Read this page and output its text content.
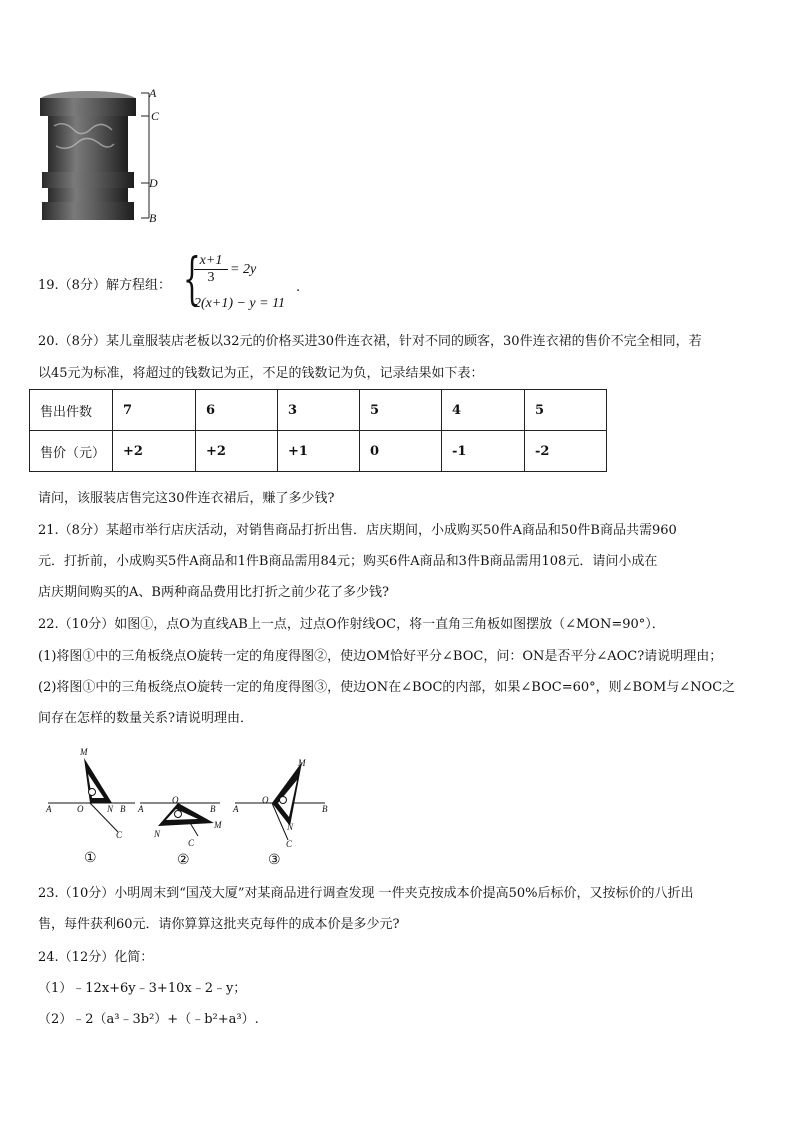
A
C
D
B
19.（8分）解方程组： {
$\frac{x+1}{3} = 2y$
2(x+1) − y = 11
.
20.（8分）某儿童服装店老板以32元的价格买进30件连衣裙，针对不同的顾客，30件连衣裙的售价不完全相同，若
以45元为标准，将超过的钱数记为正，不足的钱数记为负，记录结果如下表：
售出件数	7	6	3	5	4	5
售价（元）	+2	+2	+1	0	-1	-2
请问，该服装店售完这30件连衣裙后，赚了多少钱?
21.（8分）某超市举行店庆活动，对销售商品打折出售．店庆期间，小成购买50件A商品和50件B商品共需960
元．打折前，小成购买5件A商品和1件B商品需用84元；购买6件A商品和3件B商品需用108元．请问小成在
店庆期间购买的A、B两种商品费用比打折之前少花了多少钱?
22.（10分）如图①，点O为直线AB上一点，过点O作射线OC，将一直角三角板如图摆放（∠MON=90°）．
(1)将图①中的三角板绕点O旋转一定的角度得图②，使边OM恰好平分∠BOC，问：ON是否平分∠AOC?请说明理由；
(2)将图①中的三角板绕点O旋转一定的角度得图③，使边ON在∠BOC的内部，如果∠BOC=60°，则∠BOM与∠NOC之
间存在怎样的数量关系?请说明理由．
M
A	O	N B
C
A
O
B
N
M
C
A
O
B
M
N
C
①	②	③
23.（10分）小明周末到“国茂大厦”对某商品进行调查发现 一件夹克按成本价提高50%后标价，又按标价的八折出
售，每件获利60元．请你算算这批夹克每件的成本价是多少元?
24.（12分）化简：
（1）﹣12x+6y﹣3+10x﹣2﹣y；
（2）﹣2（a³﹣3b²）+（﹣b²+a³）.
